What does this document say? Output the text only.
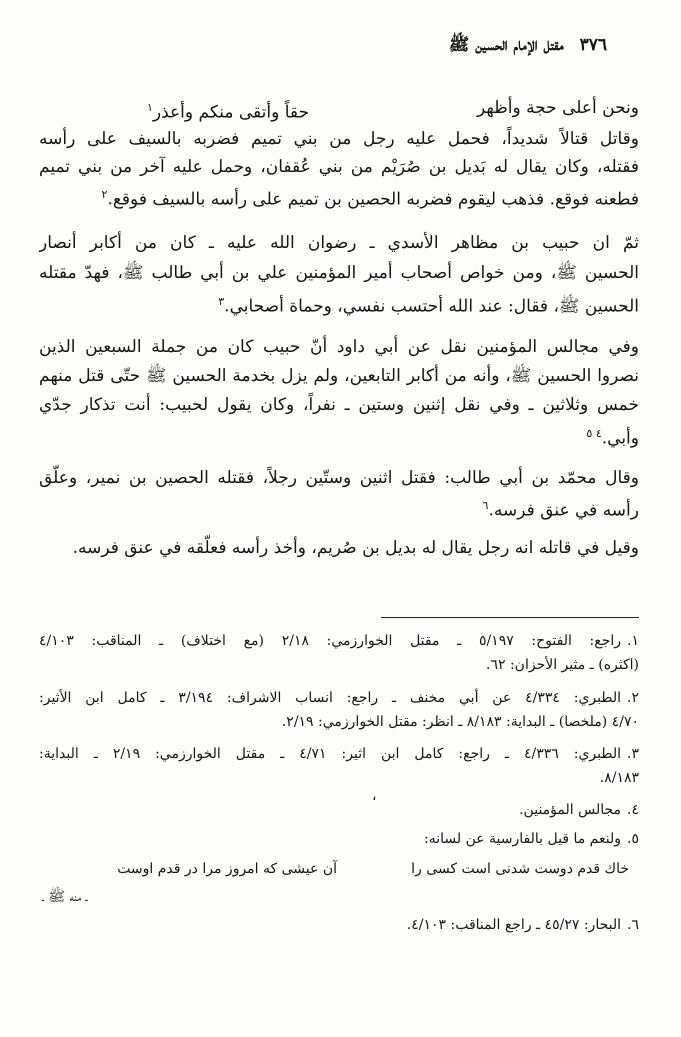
٣٧٦ مقتل الإمام الحسين ﷺ
ونحن أعلى حجة وأظهر
حقاً وأتقى منكم وأعذر$^١$
وقاتل قتالاً شديداً، فحمل عليه رجل من بني تميم فضربه بالسيف على رأسه
فقتله، وكان يقال له بَديل بن صُرَيْم من بني عُقفان، وحمل عليه آخر من بني تميم
فطعنه فوقع. فذهب ليقوم فضربه الحصين بن تميم على رأسه بالسيف فوقع.$^٢$
ثمّ ان حبيب بن مظاهر الأسدي ـ رضوان الله عليه ـ كان من أكابر أنصار
الحسين ﷺ، ومن خواص أصحاب أمير المؤمنين علي بن أبي طالب ﷺ، فهدّ مقتله
الحسين ﷺ، فقال: عند الله أحتسب نفسي، وحماة أصحابي.$^٣$
وفي مجالس المؤمنين نقل عن أبي داود أنّ حبيب كان من جملة السبعين الذين
نصروا الحسين ﷺ، وأنه من أكابر التابعين، ولم يزل بخدمة الحسين ﷺ حتّى قتل منهم
خمس وثلاثين ـ وفي نقل إثنين وستين ـ نفراً، وكان يقول لحبيب: أنت تذكار جدّي
وأبي.$^{٤ ٥}$
وقال محمّد بن أبي طالب: فقتل اثنين وستّين رجلاً، فقتله الحصين بن نمير، وعلّق
رأسه في عنق فرسه.$^٦$
وقيل في قاتله انه رجل يقال له بديل بن صُريم، وأخذ رأسه فعلّقه في عنق فرسه.
١.راجع: الفتوح: ٥/١٩٧ ـ مقتل الخوارزمي: ٢/١٨ (مع اختلاف) ـ المناقب: ٤/١٠٣
(اكثره) ـ مثير الأحزان: ٦٢.
٢.الطبري: ٤/٣٣٤ عن أبي مخنف ـ راجع: انساب الاشراف: ٣/١٩٤ ـ كامل ابن الأثير:
٤/٧٠ (ملخصا) ـ البداية: ٨/١٨٣ ـ انظر: مقتل الخوارزمي: ٢/١٩.
٣.الطبري: ٤/٣٣٦ ـ راجع: كامل ابن اثير: ٤/٧١ ـ مقتل الخوارزمي: ٢/١٩ ـ البداية:
٨/١٨٣.
،
٤.مجالس المؤمنين.
٥.ولنعم ما قيل بالفارسية عن لسانه:
خاك قدم دوست شدنی است كسی را
آن عيشى كه امروز مرا در قدم اوست
ـ منه ﷺ ـ
٦.البحار: ٤٥/٢٧ ـ راجع المناقب: ٤/١٠٣.
